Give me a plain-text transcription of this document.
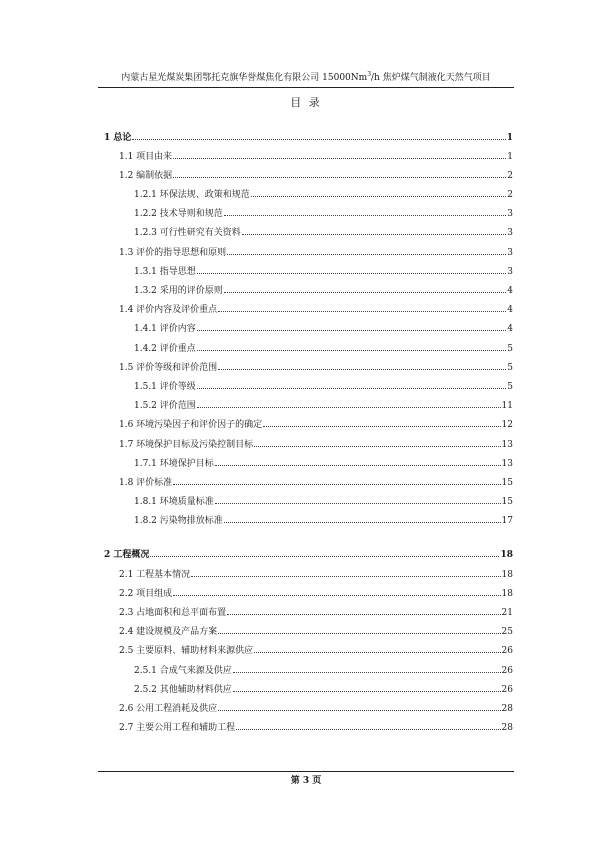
内蒙古星光煤炭集团鄂托克旗华誉煤焦化有限公司 15000Nm$^3$/h 焦炉煤气制液化天然气项目
目 录
1 总论	1
1.1 项目由来	1
1.2 编制依据	2
1.2.1 环保法规、政策和规范	2
1.2.2 技术导则和规范	3
1.2.3 可行性研究有关资料	3
1.3 评价的指导思想和原则	3
1.3.1 指导思想	3
1.3.2 采用的评价原则	4
1.4 评价内容及评价重点	4
1.4.1 评价内容	4
1.4.2 评价重点	5
1.5 评价等级和评价范围	5
1.5.1 评价等级	5
1.5.2 评价范围	11
1.6 环境污染因子和评价因子的确定	12
1.7 环境保护目标及污染控制目标	13
1.7.1 环境保护目标	13
1.8 评价标准	15
1.8.1 环境质量标准	15
1.8.2 污染物排放标准	17
2 工程概况	18
2.1 工程基本情况	18
2.2 项目组成	18
2.3 占地面积和总平面布置	21
2.4 建设规模及产品方案	25
2.5 主要原料、辅助材料来源供应	26
2.5.1 合成气来源及供应	26
2.5.2 其他辅助材料供应	26
2.6 公用工程消耗及供应	28
2.7 主要公用工程和辅助工程	28
第 3 页
